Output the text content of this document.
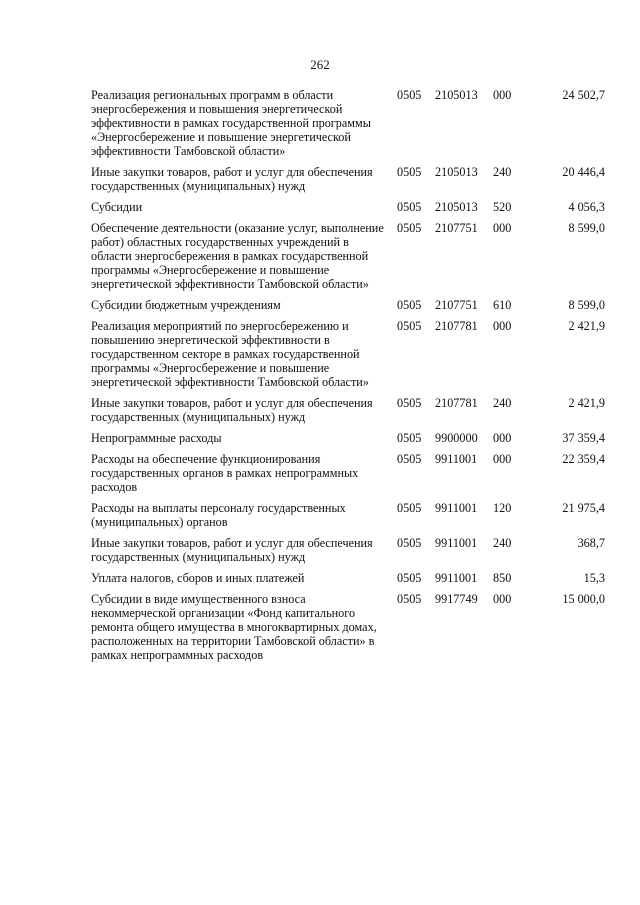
262
Реализация региональных программ в области энергосбережения и повышения энергетической эффективности в рамках государственной программы «Энергосбережение и повышение энергетической эффективности Тамбовской области»	0505	2105013	000	24 502,7
Иные закупки товаров, работ и услуг для обеспечения государственных (муниципальных) нужд	0505	2105013	240	20 446,4
Субсидии	0505	2105013	520	4 056,3
Обеспечение деятельности (оказание услуг, выполнение работ) областных государственных учреждений в области энергосбережения в рамках государственной программы «Энергосбережение и повышение энергетической эффективности Тамбовской области»	0505	2107751	000	8 599,0
Субсидии бюджетным учреждениям	0505	2107751	610	8 599,0
Реализация мероприятий по энергосбережению и повышению энергетической эффективности в государственном секторе в рамках государственной программы «Энергосбережение и повышение энергетической эффективности Тамбовской области»	0505	2107781	000	2 421,9
Иные закупки товаров, работ и услуг для обеспечения государственных (муниципальных) нужд	0505	2107781	240	2 421,9
Непрограммные расходы	0505	9900000	000	37 359,4
Расходы на обеспечение функционирования государственных органов в рамках непрограммных расходов	0505	9911001	000	22 359,4
Расходы на выплаты персоналу государственных (муниципальных) органов	0505	9911001	120	21 975,4
Иные закупки товаров, работ и услуг для обеспечения государственных (муниципальных) нужд	0505	9911001	240	368,7
Уплата налогов, сборов и иных платежей	0505	9911001	850	15,3
Субсидии в виде имущественного взноса некоммерческой организации «Фонд капитального ремонта общего имущества в многоквартирных домах, расположенных на территории Тамбовской области» в рамках непрограммных расходов	0505	9917749	000	15 000,0
